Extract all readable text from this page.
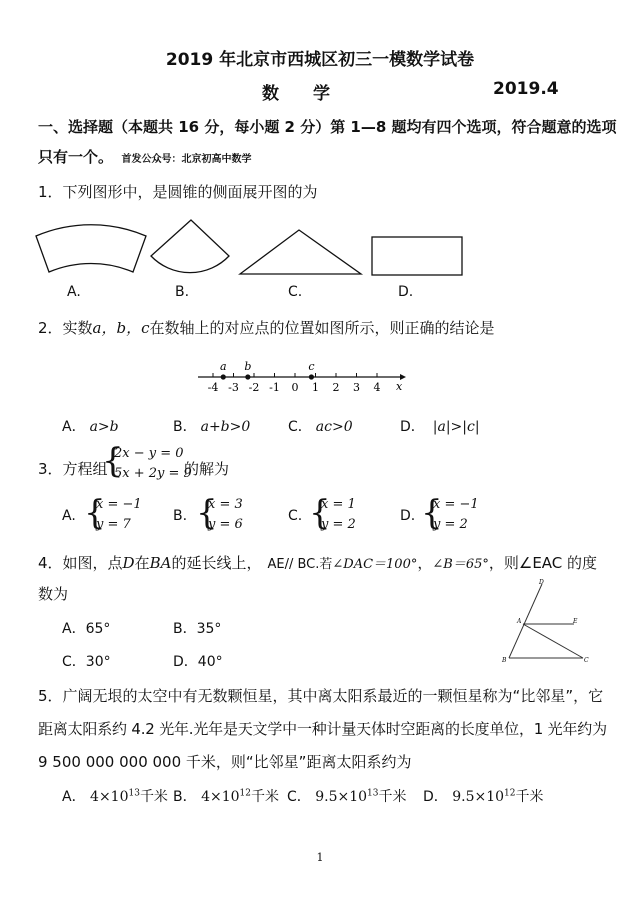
2019 年北京市西城区初三一模数学试卷
数　　学	2019.4
一、选择题（本题共 16 分，每小题 2 分）第 1—8 题均有四个选项，符合题意的选项
只有一个。 首发公众号：北京初高中数学
1．下列图形中，是圆锥的侧面展开图的为
A.	B.	C.	D.
2．实数a，b，c在数轴上的对应点的位置如图所示，则正确的结论是
-4 -3 -2 -1 0 1 2 3 4 x
a b	c
A． a>b	B． a+b>0	C． ac>0	D． |a|>|c|
3．方程组
{
2x − y = 0
5x + 2y = 9
的解为
A. {
x = −1
y = 7
B. {
x = 3
y = 6
C. {
x = 1
y = 2
D. {
x = −1
y = 2
4．如图，点D在BA的延长线上， AE// BC.若∠DAC＝100°，∠B＝65°，则∠EAC 的度
数为
D
A	E
B	C
A．65°	B．35°
C．30°	D．40°
5．广阔无垠的太空中有无数颗恒星，其中离太阳系最近的一颗恒星称为“比邻星”，它
距离太阳系约 4.2 光年.光年是天文学中一种计量天体时空距离的长度单位，1 光年约为
9 500 000 000 000 千米，则“比邻星”距离太阳系约为
A． $4\times 10^{13}$千米 B． $4\times 10^{12}$千米 C． $9.5\times 10^{13}$千米 D． $9.5\times 10^{12}$千米
1
